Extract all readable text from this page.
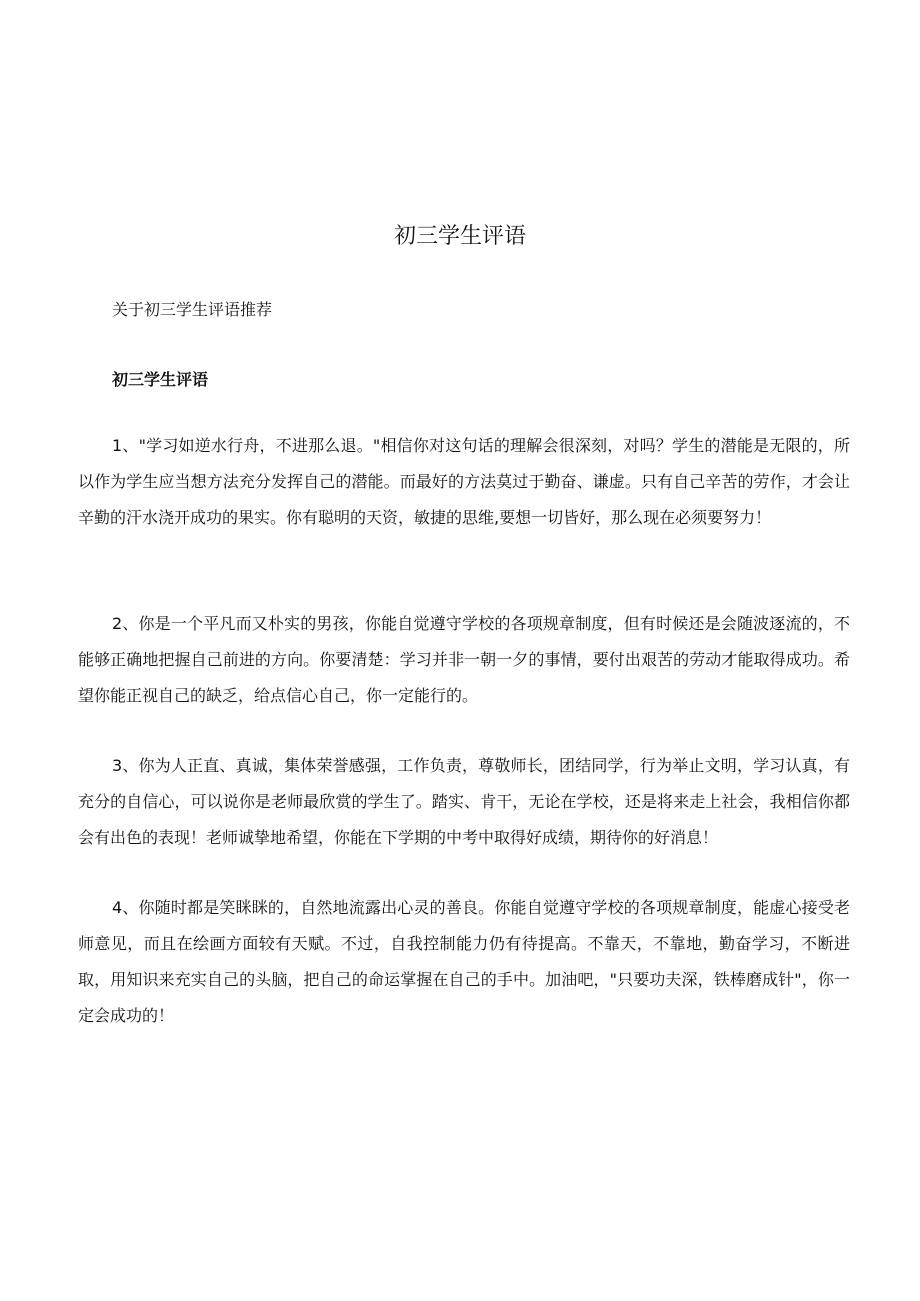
初三学生评语

关于初三学生评语推荐

初三学生评语

1、"学习如逆水行舟，不进那么退。"相信你对这句话的理解会很深刻，对吗？学生的潜能是无限的，所以作为学生应当想方法充分发挥自己的潜能。而最好的方法莫过于勤奋、谦虚。只有自己辛苦的劳作，才会让辛勤的汗水浇开成功的果实。你有聪明的天资，敏捷的思维,要想一切皆好，那么现在必须要努力！

2、你是一个平凡而又朴实的男孩，你能自觉遵守学校的各项规章制度，但有时候还是会随波逐流的，不能够正确地把握自己前进的方向。你要清楚：学习并非一朝一夕的事情，要付出艰苦的劳动才能取得成功。希望你能正视自己的缺乏，给点信心自己，你一定能行的。

3、你为人正直、真诚，集体荣誉感强，工作负责，尊敬师长，团结同学，行为举止文明，学习认真，有充分的自信心，可以说你是老师最欣赏的学生了。踏实、肯干，无论在学校，还是将来走上社会，我相信你都会有出色的表现！老师诚挚地希望，你能在下学期的中考中取得好成绩，期待你的好消息！

4、你随时都是笑眯眯的，自然地流露出心灵的善良。你能自觉遵守学校的各项规章制度，能虚心接受老师意见，而且在绘画方面较有天赋。不过，自我控制能力仍有待提高。不靠天，不靠地，勤奋学习，不断进取，用知识来充实自己的头脑，把自己的命运掌握在自己的手中。加油吧，"只要功夫深，铁棒磨成针"，你一定会成功的！
